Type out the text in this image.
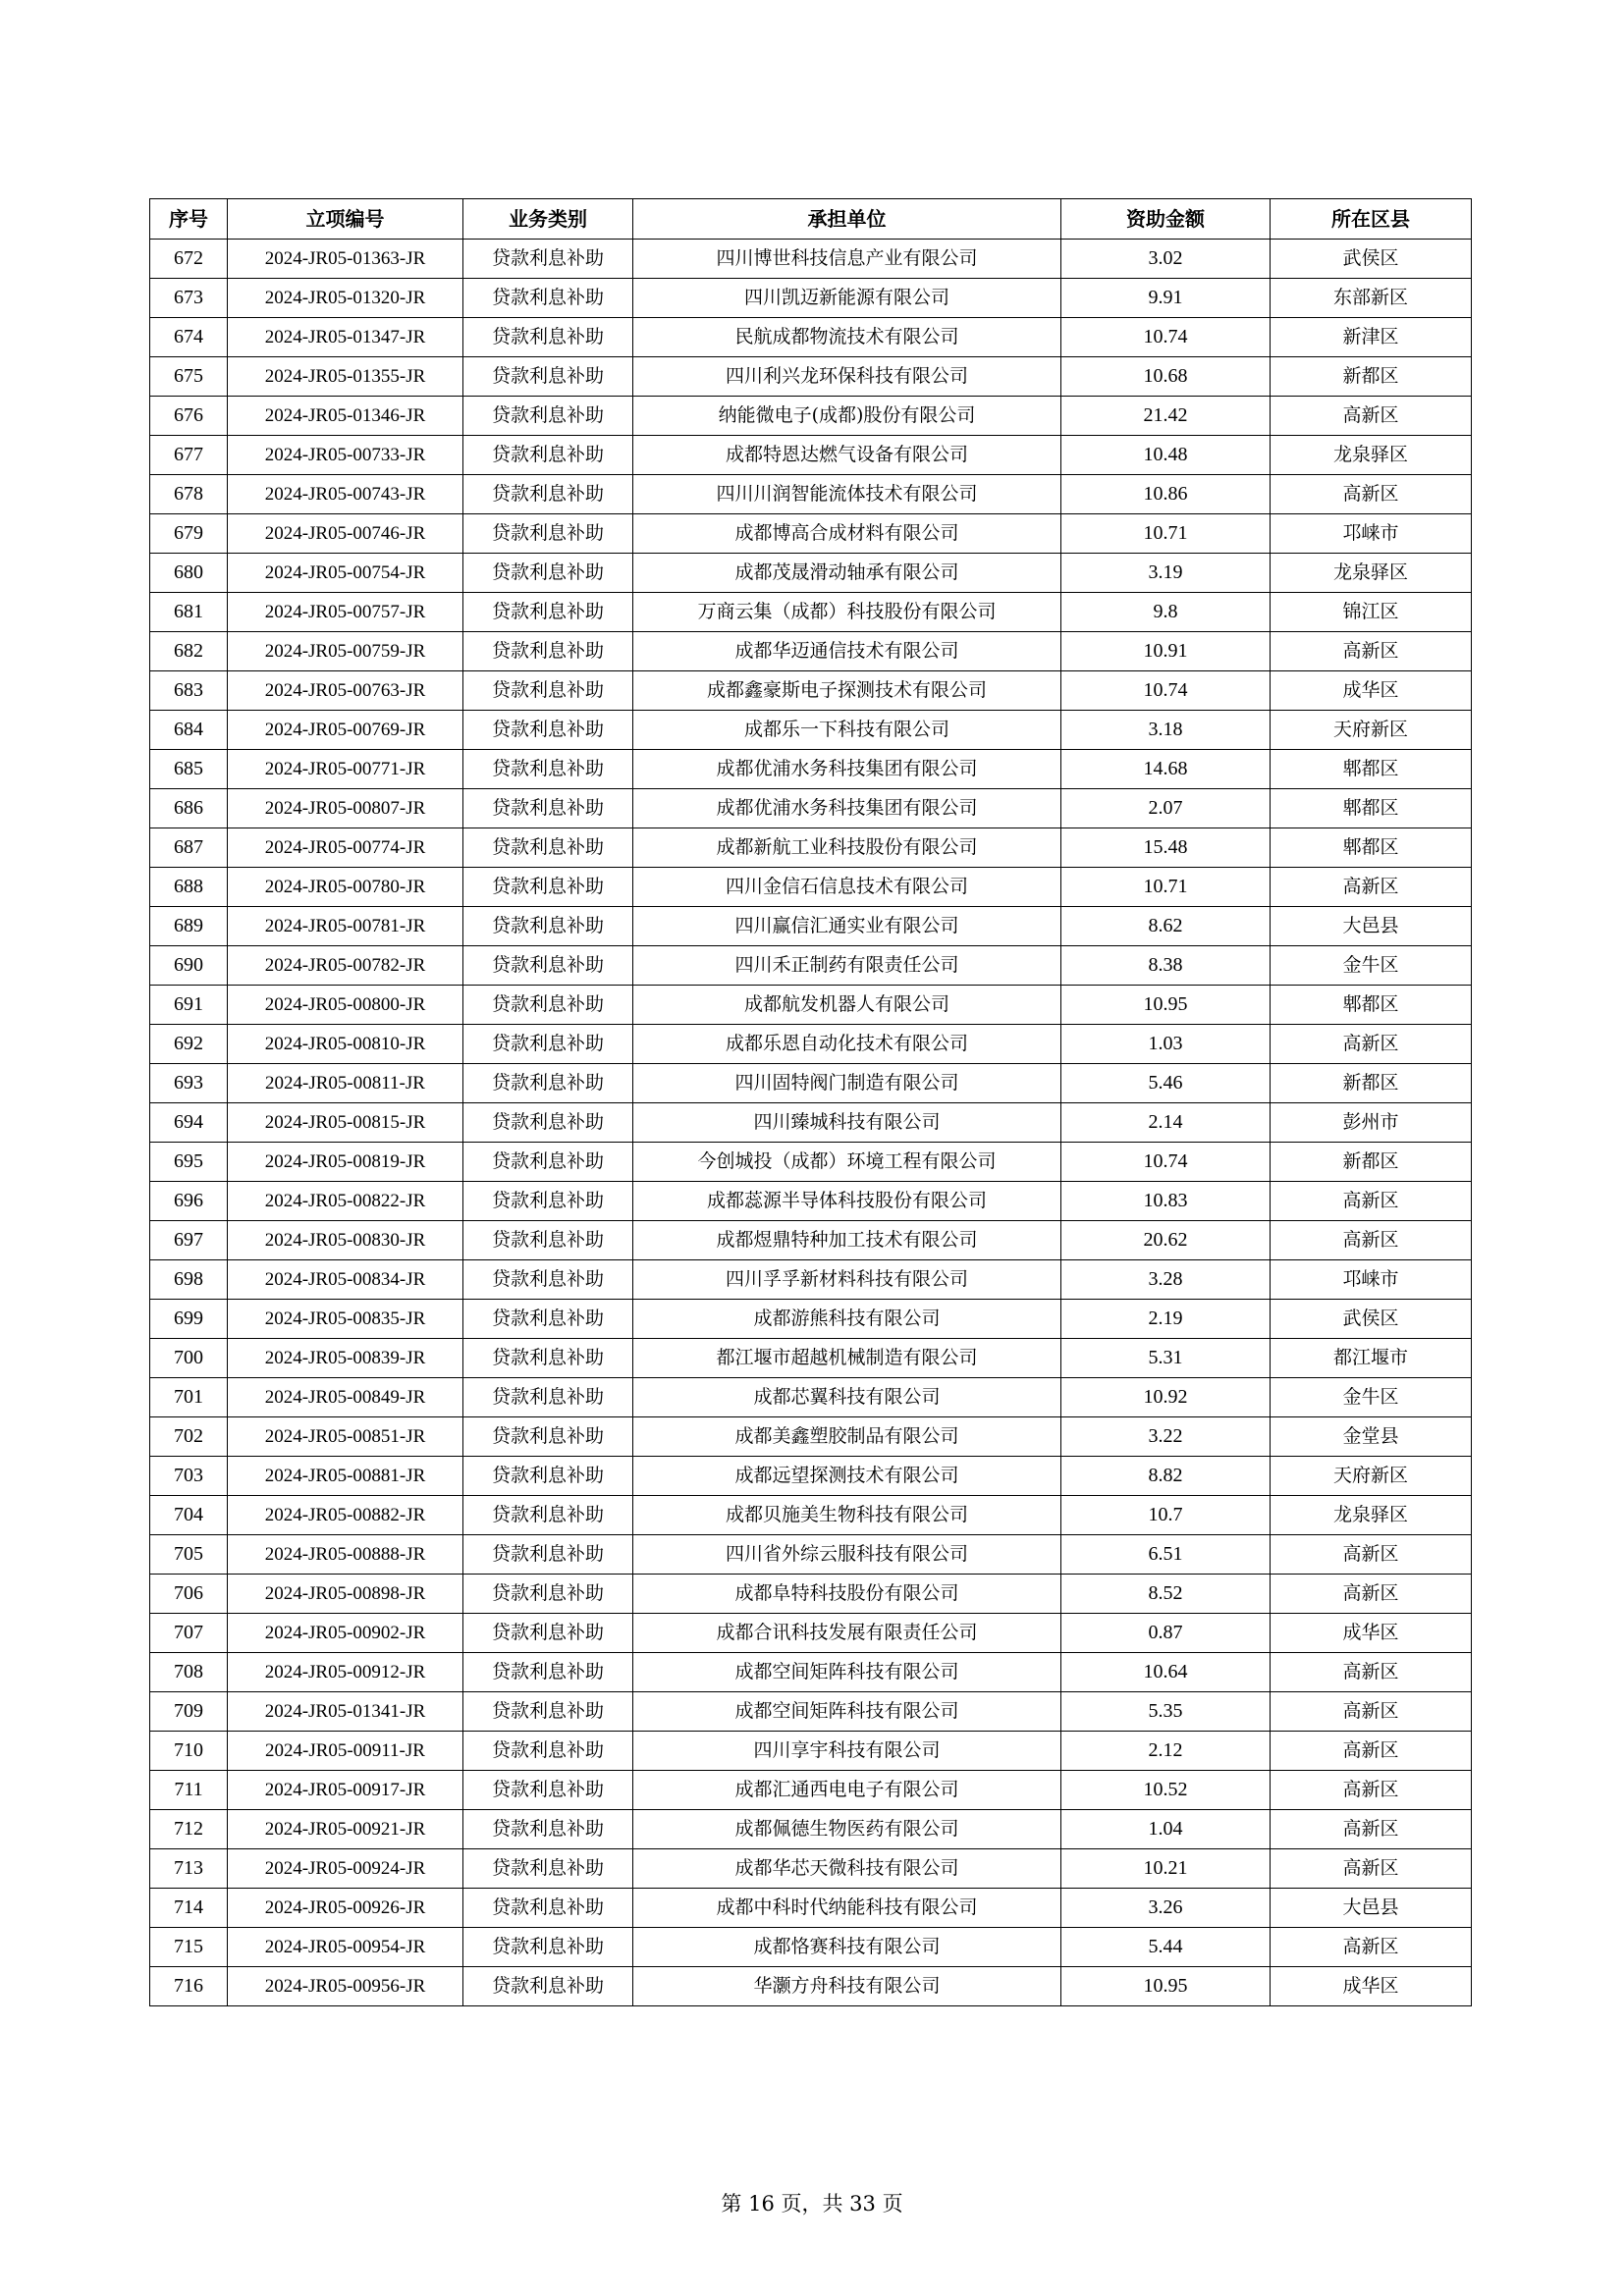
序号	立项编号	业务类别	承担单位	资助金额	所在区县
672	2024-JR05-01363-JR	贷款利息补助	四川博世科技信息产业有限公司	3.02	武侯区
673	2024-JR05-01320-JR	贷款利息补助	四川凯迈新能源有限公司	9.91	东部新区
674	2024-JR05-01347-JR	贷款利息补助	民航成都物流技术有限公司	10.74	新津区
675	2024-JR05-01355-JR	贷款利息补助	四川利兴龙环保科技有限公司	10.68	新都区
676	2024-JR05-01346-JR	贷款利息补助	纳能微电子(成都)股份有限公司	21.42	高新区
677	2024-JR05-00733-JR	贷款利息补助	成都特恩达燃气设备有限公司	10.48	龙泉驿区
678	2024-JR05-00743-JR	贷款利息补助	四川川润智能流体技术有限公司	10.86	高新区
679	2024-JR05-00746-JR	贷款利息补助	成都博高合成材料有限公司	10.71	邛崃市
680	2024-JR05-00754-JR	贷款利息补助	成都茂晟滑动轴承有限公司	3.19	龙泉驿区
681	2024-JR05-00757-JR	贷款利息补助	万商云集（成都）科技股份有限公司	9.8	锦江区
682	2024-JR05-00759-JR	贷款利息补助	成都华迈通信技术有限公司	10.91	高新区
683	2024-JR05-00763-JR	贷款利息补助	成都鑫豪斯电子探测技术有限公司	10.74	成华区
684	2024-JR05-00769-JR	贷款利息补助	成都乐一下科技有限公司	3.18	天府新区
685	2024-JR05-00771-JR	贷款利息补助	成都优浦水务科技集团有限公司	14.68	郫都区
686	2024-JR05-00807-JR	贷款利息补助	成都优浦水务科技集团有限公司	2.07	郫都区
687	2024-JR05-00774-JR	贷款利息补助	成都新航工业科技股份有限公司	15.48	郫都区
688	2024-JR05-00780-JR	贷款利息补助	四川金信石信息技术有限公司	10.71	高新区
689	2024-JR05-00781-JR	贷款利息补助	四川赢信汇通实业有限公司	8.62	大邑县
690	2024-JR05-00782-JR	贷款利息补助	四川禾正制药有限责任公司	8.38	金牛区
691	2024-JR05-00800-JR	贷款利息补助	成都航发机器人有限公司	10.95	郫都区
692	2024-JR05-00810-JR	贷款利息补助	成都乐恩自动化技术有限公司	1.03	高新区
693	2024-JR05-00811-JR	贷款利息补助	四川固特阀门制造有限公司	5.46	新都区
694	2024-JR05-00815-JR	贷款利息补助	四川臻城科技有限公司	2.14	彭州市
695	2024-JR05-00819-JR	贷款利息补助	今创城投（成都）环境工程有限公司	10.74	新都区
696	2024-JR05-00822-JR	贷款利息补助	成都蕊源半导体科技股份有限公司	10.83	高新区
697	2024-JR05-00830-JR	贷款利息补助	成都煜鼎特种加工技术有限公司	20.62	高新区
698	2024-JR05-00834-JR	贷款利息补助	四川孚孚新材料科技有限公司	3.28	邛崃市
699	2024-JR05-00835-JR	贷款利息补助	成都游熊科技有限公司	2.19	武侯区
700	2024-JR05-00839-JR	贷款利息补助	都江堰市超越机械制造有限公司	5.31	都江堰市
701	2024-JR05-00849-JR	贷款利息补助	成都芯翼科技有限公司	10.92	金牛区
702	2024-JR05-00851-JR	贷款利息补助	成都美鑫塑胶制品有限公司	3.22	金堂县
703	2024-JR05-00881-JR	贷款利息补助	成都远望探测技术有限公司	8.82	天府新区
704	2024-JR05-00882-JR	贷款利息补助	成都贝施美生物科技有限公司	10.7	龙泉驿区
705	2024-JR05-00888-JR	贷款利息补助	四川省外综云服科技有限公司	6.51	高新区
706	2024-JR05-00898-JR	贷款利息补助	成都阜特科技股份有限公司	8.52	高新区
707	2024-JR05-00902-JR	贷款利息补助	成都合讯科技发展有限责任公司	0.87	成华区
708	2024-JR05-00912-JR	贷款利息补助	成都空间矩阵科技有限公司	10.64	高新区
709	2024-JR05-01341-JR	贷款利息补助	成都空间矩阵科技有限公司	5.35	高新区
710	2024-JR05-00911-JR	贷款利息补助	四川享宇科技有限公司	2.12	高新区
711	2024-JR05-00917-JR	贷款利息补助	成都汇通西电电子有限公司	10.52	高新区
712	2024-JR05-00921-JR	贷款利息补助	成都佩德生物医药有限公司	1.04	高新区
713	2024-JR05-00924-JR	贷款利息补助	成都华芯天微科技有限公司	10.21	高新区
714	2024-JR05-00926-JR	贷款利息补助	成都中科时代纳能科技有限公司	3.26	大邑县
715	2024-JR05-00954-JR	贷款利息补助	成都恪赛科技有限公司	5.44	高新区
716	2024-JR05-00956-JR	贷款利息补助	华灏方舟科技有限公司	10.95	成华区
第 16 页，共 33 页
